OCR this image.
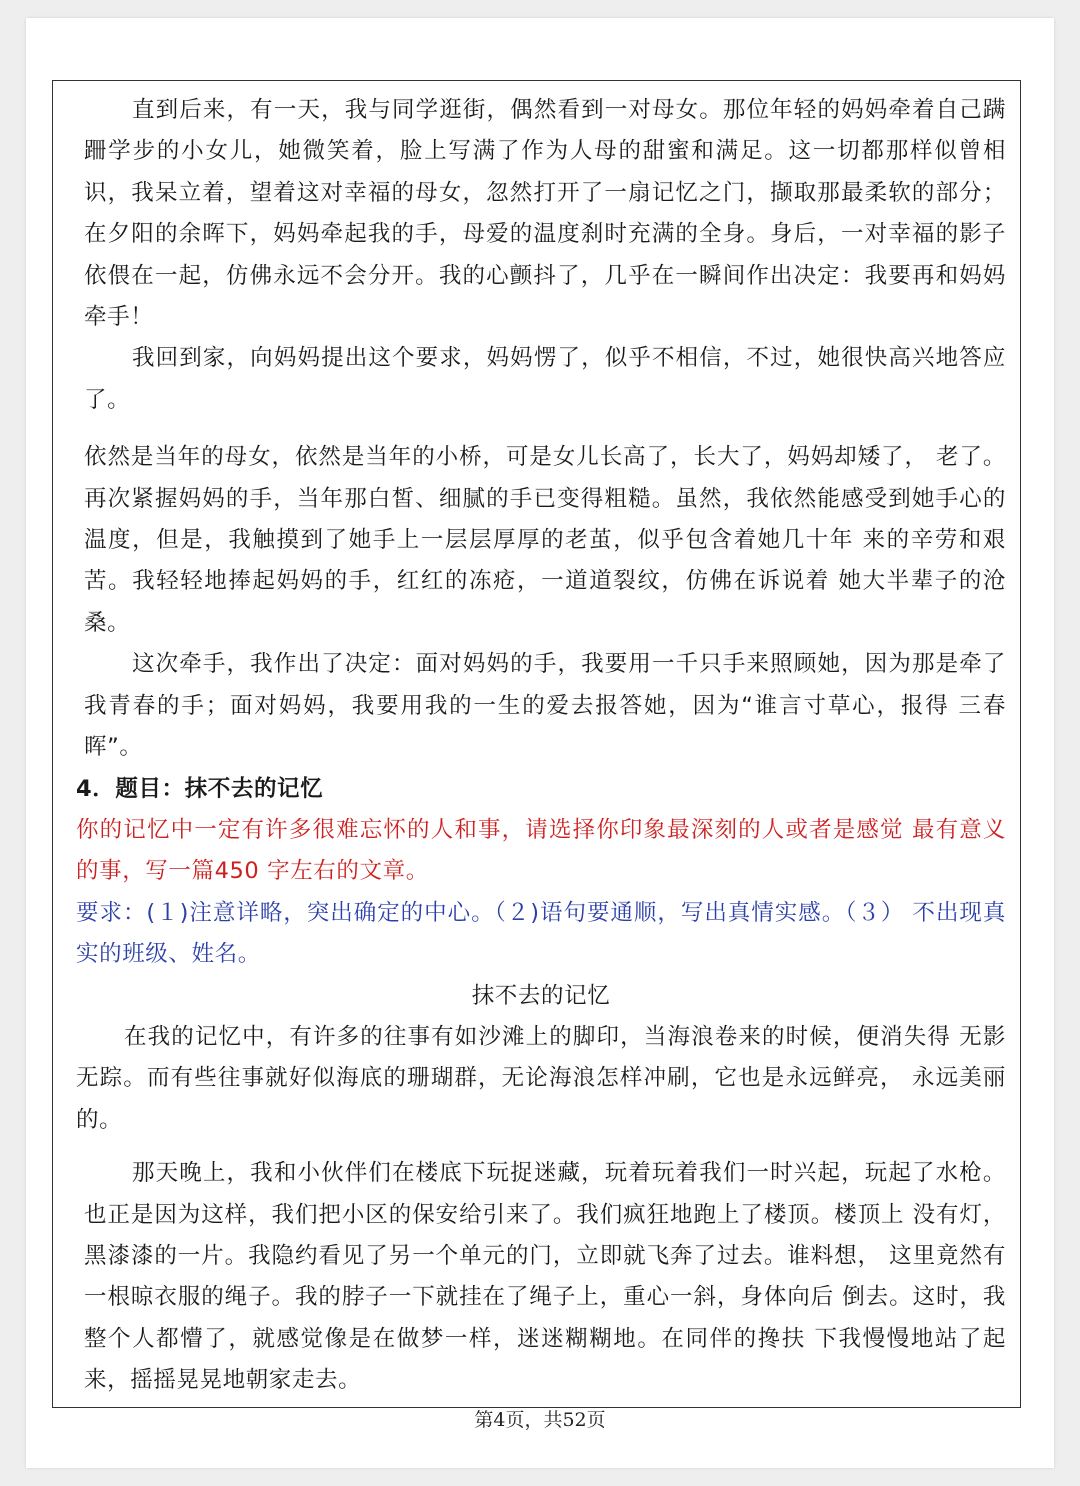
直到后来，有一天，我与同学逛街，偶然看到一对母女。那位年轻的妈妈牵着自己蹒跚学步的小女儿，她微笑着，脸上写满了作为人母的甜蜜和满足。这一切都那样似曾相识，我呆立着，望着这对幸福的母女，忽然打开了一扇记忆之门，撷取那最柔软的部分；在夕阳的余晖下，妈妈牵起我的手，母爱的温度刹时充满的全身。身后，一对幸福的影子依偎在一起，仿佛永远不会分开。我的心颤抖了，几乎在一瞬间作出决定：我要再和妈妈牵手！

我回到家，向妈妈提出这个要求，妈妈愣了，似乎不相信，不过，她很快高兴地答应了。

依然是当年的母女，依然是当年的小桥，可是女儿长高了，长大了，妈妈却矮了， 老了。再次紧握妈妈的手，当年那白皙、细腻的手已变得粗糙。虽然，我依然能感受到她手心的温度，但是，我触摸到了她手上一层层厚厚的老茧，似乎包含着她几十年 来的辛劳和艰苦。我轻轻地捧起妈妈的手，红红的冻疮，一道道裂纹，仿佛在诉说着 她大半辈子的沧桑。

这次牵手，我作出了决定：面对妈妈的手，我要用一千只手来照顾她，因为那是牵了我青春的手；面对妈妈，我要用我的一生的爱去报答她，因为“谁言寸草心，报得 三春晖”。

4．题目：抹不去的记忆

你的记忆中一定有许多很难忘怀的人和事，请选择你印象最深刻的人或者是感觉 最有意义的事，写一篇450 字左右的文章。

要求：(１)注意详略，突出确定的中心。（２)语句要通顺，写出真情实感。（３） 不出现真实的班级、姓名。

抹不去的记忆

在我的记忆中，有许多的往事有如沙滩上的脚印，当海浪卷来的时候，便消失得 无影无踪。而有些往事就好似海底的珊瑚群，无论海浪怎样冲刷，它也是永远鲜亮， 永远美丽的。

那天晚上，我和小伙伴们在楼底下玩捉迷藏，玩着玩着我们一时兴起，玩起了水枪。也正是因为这样，我们把小区的保安给引来了。我们疯狂地跑上了楼顶。楼顶上 没有灯，黑漆漆的一片。我隐约看见了另一个单元的门，立即就飞奔了过去。谁料想， 这里竟然有一根晾衣服的绳子。我的脖子一下就挂在了绳子上，重心一斜，身体向后 倒去。这时，我整个人都懵了，就感觉像是在做梦一样，迷迷糊糊地。在同伴的搀扶 下我慢慢地站了起来，摇摇晃晃地朝家走去。

第4页，共52页
